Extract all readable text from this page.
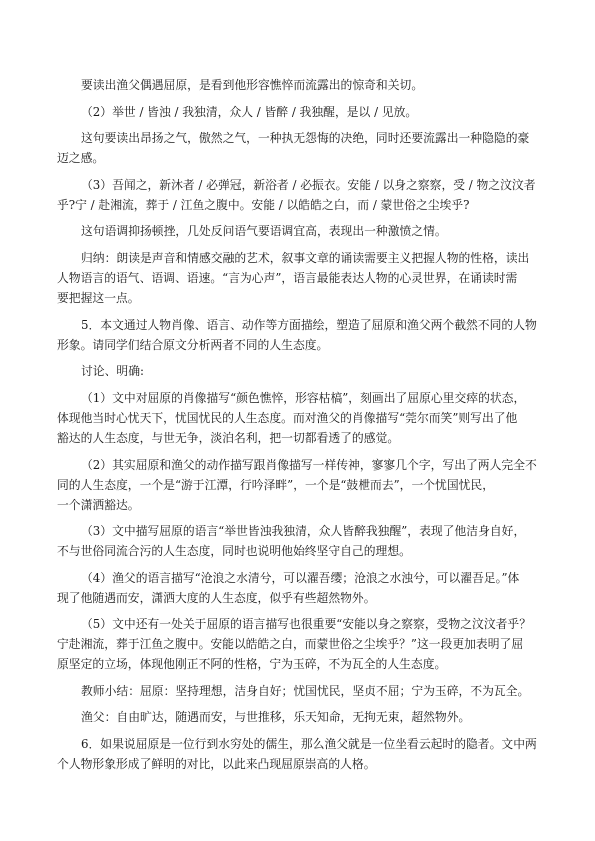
要读出渔父偶遇屈原，是看到他形容憔悴而流露出的惊奇和关切。
（2）举世 / 皆浊 / 我独清，众人 / 皆醉 / 我独醒，是以 / 见放。
这句要读出昂扬之气，傲然之气，一种执无怨悔的决绝，同时还要流露出一种隐隐的豪
迈之感。
（3）吾闻之，新沐者 / 必弹冠，新浴者 / 必振衣。安能 / 以身之察察，受 / 物之汶汶者
乎?宁 / 赴湘流，葬于 / 江鱼之腹中。安能 / 以皓皓之白，而 / 蒙世俗之尘埃乎?
这句语调抑扬顿挫，几处反问语气要语调宜高，表现出一种激愤之情。
归纳：朗读是声音和情感交融的艺术，叙事文章的诵读需要主义把握人物的性格，读出
人物语言的语气、语调、语速。“言为心声”，语言最能表达人物的心灵世界，在诵读时需
要把握这一点。
5．本文通过人物肖像、语言、动作等方面描绘，塑造了屈原和渔父两个截然不同的人物
形象。请同学们结合原文分析两者不同的人生态度。
讨论、明确:
（1）文中对屈原的肖像描写“颜色憔悴，形容枯槁”，刻画出了屈原心里交瘁的状态，
体现他当时心忧天下，忧国忧民的人生态度。而对渔父的肖像描写“莞尔而笑”则写出了他
豁达的人生态度，与世无争，淡泊名利，把一切都看透了的感觉。
（2）其实屈原和渔父的动作描写跟肖像描写一样传神，寥寥几个字，写出了两人完全不
同的人生态度，一个是“游于江潭，行吟泽畔”，一个是“鼓枻而去”，一个忧国忧民，
一个潇洒豁达。
（3）文中描写屈原的语言“举世皆浊我独清，众人皆醉我独醒”，表现了他洁身自好，
不与世俗同流合污的人生态度，同时也说明他始终坚守自己的理想。
（4）渔父的语言描写“沧浪之水清兮，可以濯吾缨；沧浪之水浊兮，可以濯吾足。”体
现了他随遇而安，潇洒大度的人生态度，似乎有些超然物外。
（5）文中还有一处关于屈原的语言描写也很重要“安能以身之察察，受物之汶汶者乎？
宁赴湘流，葬于江鱼之腹中。安能以皓皓之白，而蒙世俗之尘埃乎？”这一段更加表明了屈
原坚定的立场，体现他刚正不阿的性格，宁为玉碎，不为瓦全的人生态度。
教师小结：屈原：坚持理想，洁身自好；忧国忧民，坚贞不屈；宁为玉碎，不为瓦全。
渔父：自由旷达，随遇而安，与世推移，乐天知命，无拘无束，超然物外。
6．如果说屈原是一位行到水穷处的儒生，那么渔父就是一位坐看云起时的隐者。文中两
个人物形象形成了鲜明的对比，以此来凸现屈原崇高的人格。
